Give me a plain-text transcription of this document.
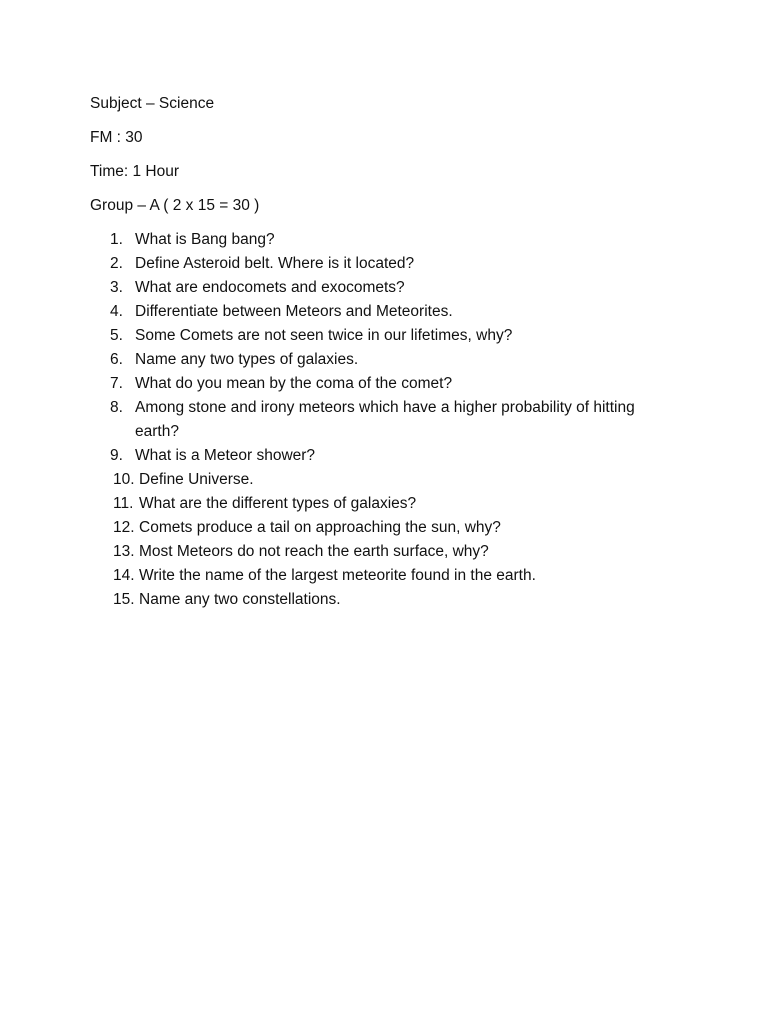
Subject – Science
FM : 30
Time: 1 Hour
Group – A ( 2 x 15 = 30 )
1. What is Bang bang?
2. Define Asteroid belt. Where is it located?
3. What are endocomets and exocomets?
4. Differentiate between Meteors and Meteorites.
5. Some Comets are not seen twice in our lifetimes, why?
6. Name any two types of galaxies.
7. What do you mean by the coma of the comet?
8. Among stone and irony meteors which have a higher probability of hitting earth?
9. What is a Meteor shower?
10. Define Universe.
11. What are the different types of galaxies?
12. Comets produce a tail on approaching the sun, why?
13. Most Meteors do not reach the earth surface, why?
14. Write the name of the largest meteorite found in the earth.
15. Name any two constellations.
